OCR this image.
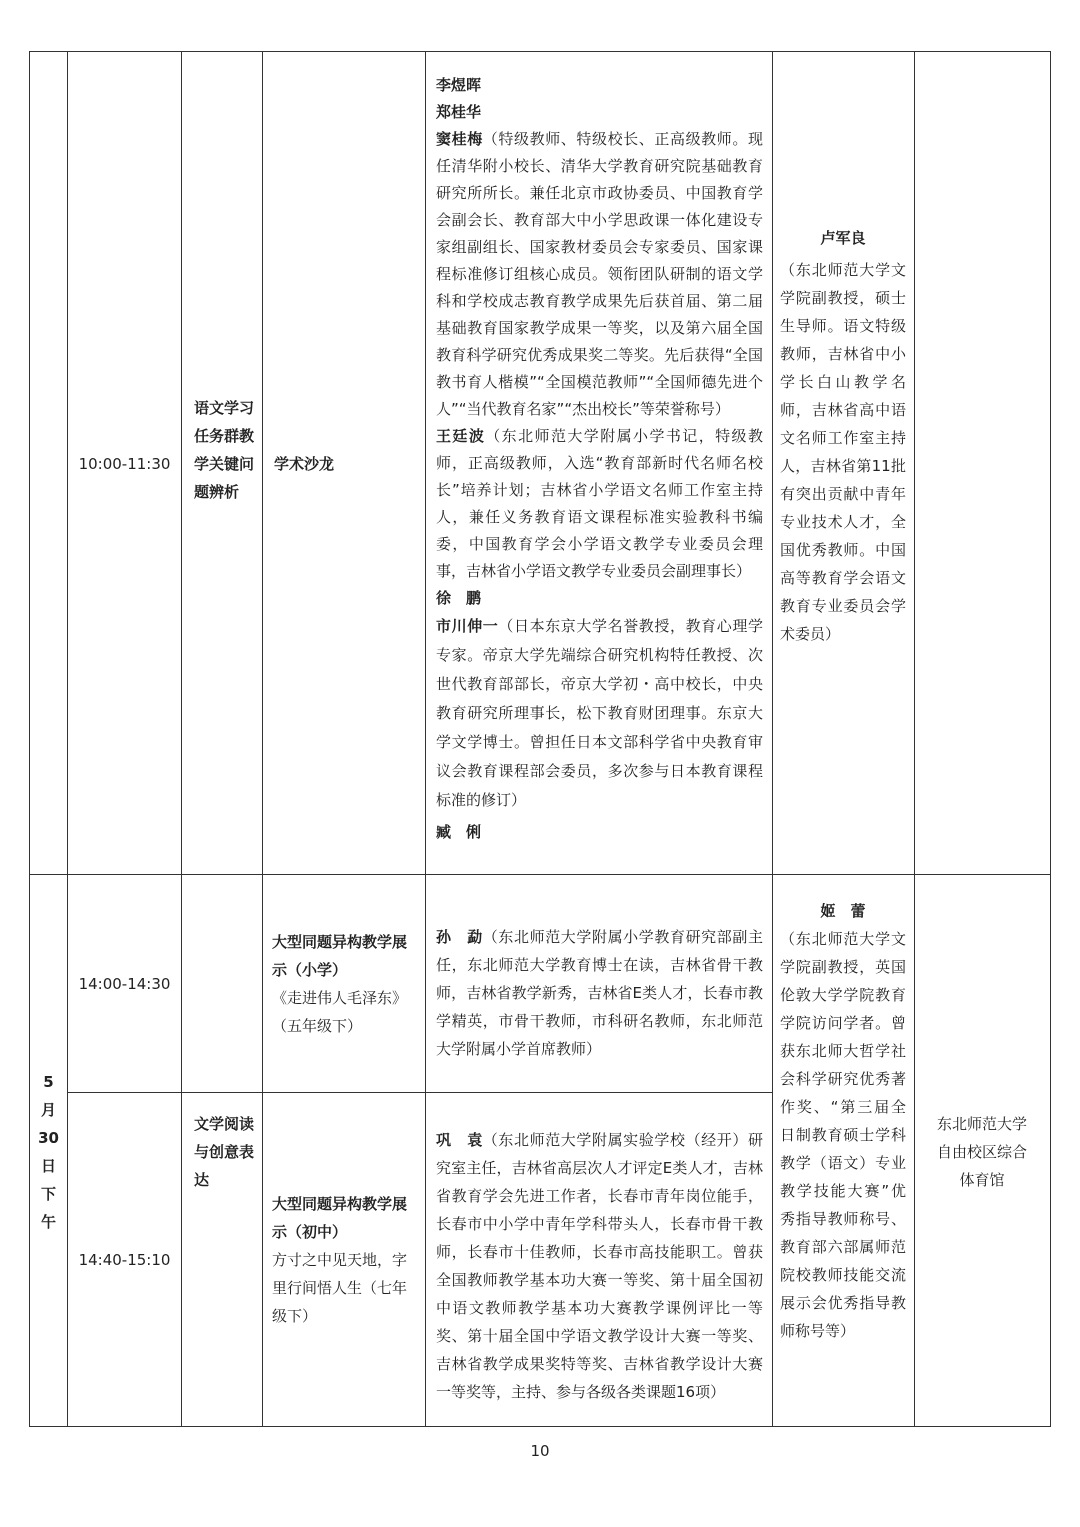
10:00-11:30
语文学习任务群教学关键问题辨析
学术沙龙

李煜晖

郑桂华

窦桂梅（特级教师、特级校长、正高级教师。现任清华附小校长、清华大学教育研究院基础教育研究所所长。兼任北京市政协委员、中国教育学会副会长、教育部大中小学思政课一体化建设专家组副组长、国家教材委员会专家委员、国家课程标准修订组核心成员。领衔团队研制的语文学科和学校成志教育教学成果先后获首届、第二届基础教育国家教学成果一等奖，以及第六届全国教育科学研究优秀成果奖二等奖。先后获得“全国教书育人楷模”“全国模范教师”“全国师德先进个人”“当代教育名家”“杰出校长”等荣誉称号）

王廷波（东北师范大学附属小学书记，特级教师，正高级教师，入选“教育部新时代名师名校长”培养计划；吉林省小学语文名师工作室主持人，兼任义务教育语文课程标准实验教科书编委，中国教育学会小学语文教学专业委员会理事，吉林省小学语文教学专业委员会副理事长）

徐　鹏

市川伸一（日本东京大学名誉教授，教育心理学专家。帝京大学先端综合研究机构特任教授、次世代教育部部长，帝京大学初・高中校长，中央教育研究所理事长，松下教育财团理事。东京大学文学博士。曾担任日本文部科学省中央教育审议会教育课程部会委员，多次参与日本教育课程标准的修订）

臧　俐

卢军良

（东北师范大学文学院副教授，硕士生导师。语文特级教师，吉林省中小学长白山教学名师，吉林省高中语文名师工作室主持人，吉林省第11批有突出贡献中青年专业技术人才，全国优秀教师。中国高等教育学会语文教育专业委员会学术委员）

5
月
30
日
下
午
14:00-14:30
14:40-15:10
文学阅读与创意表达

大型同题异构教学展示（小学）

《走进伟人毛泽东》（五年级下）

大型同题异构教学展示（初中）

方寸之中见天地，字里行间悟人生（七年级下）

孙　勐（东北师范大学附属小学教育研究部副主任，东北师范大学教育博士在读，吉林省骨干教师，吉林省教学新秀，吉林省E类人才，长春市教学精英，市骨干教师，市科研名教师，东北师范大学附属小学首席教师）
巩　袁（东北师范大学附属实验学校（经开）研究室主任，吉林省高层次人才评定E类人才，吉林省教育学会先进工作者，长春市青年岗位能手，长春市中小学中青年学科带头人，长春市骨干教师，长春市十佳教师，长春市高技能职工。曾获全国教师教学基本功大赛一等奖、第十届全国初中语文教师教学基本功大赛教学课例评比一等奖、第十届全国中学语文教学设计大赛一等奖、吉林省教学成果奖特等奖、吉林省教学设计大赛一等奖等，主持、参与各级各类课题16项）

姬　蕾

（东北师范大学文学院副教授，英国伦敦大学学院教育学院访问学者。曾获东北师大哲学社会科学研究优秀著作奖、“第三届全日制教育硕士学科教学（语文）专业教学技能大赛”优秀指导教师称号、教育部六部属师范院校教师技能交流展示会优秀指导教师称号等）

东北师范大学自由校区综合体育馆
10
